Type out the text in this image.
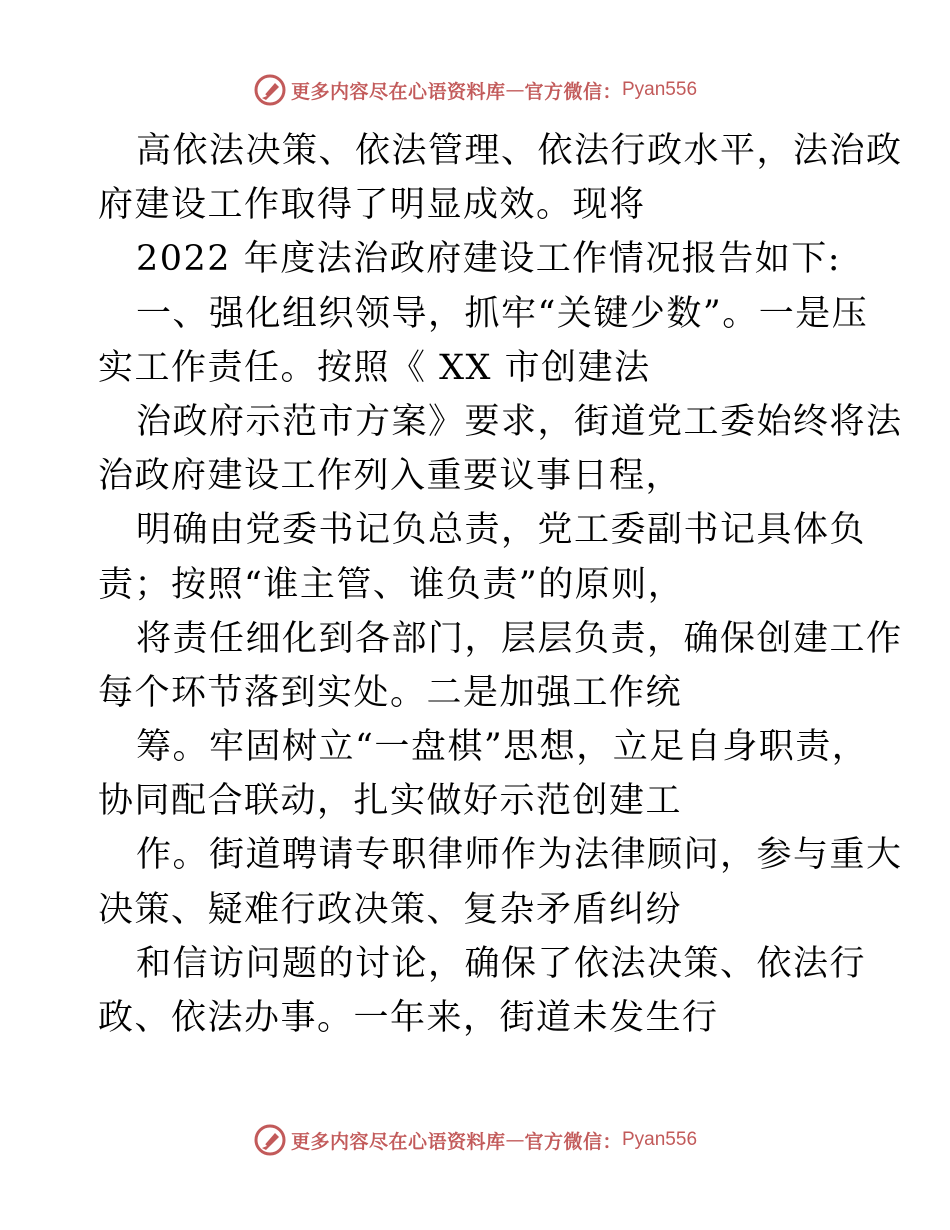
更多内容尽在心语资料库 — 官方微信： Pyan556
高依法决策、依法管理、依法行政水平，法治政
府建设工作取得了明显成效。现将
2022 年度法治政府建设工作情况报告如下:
一、强化组织领导，抓牢“关键少数”。一是压
实工作责任。按照《 XX 市创建法
治政府示范市方案》要求，街道党工委始终将法
治政府建设工作列入重要议事日程，
明确由党委书记负总责，党工委副书记具体负
责；按照“谁主管、谁负责”的原则，
将责任细化到各部门，层层负责，确保创建工作
每个环节落到实处。二是加强工作统
筹。牢固树立“一盘棋”思想，立足自身职责，
协同配合联动，扎实做好示范创建工
作。街道聘请专职律师作为法律顾问，参与重大
决策、疑难行政决策、复杂矛盾纠纷
和信访问题的讨论，确保了依法决策、依法行
政、依法办事。一年来，街道未发生行
更多内容尽在心语资料库 — 官方微信： Pyan556
